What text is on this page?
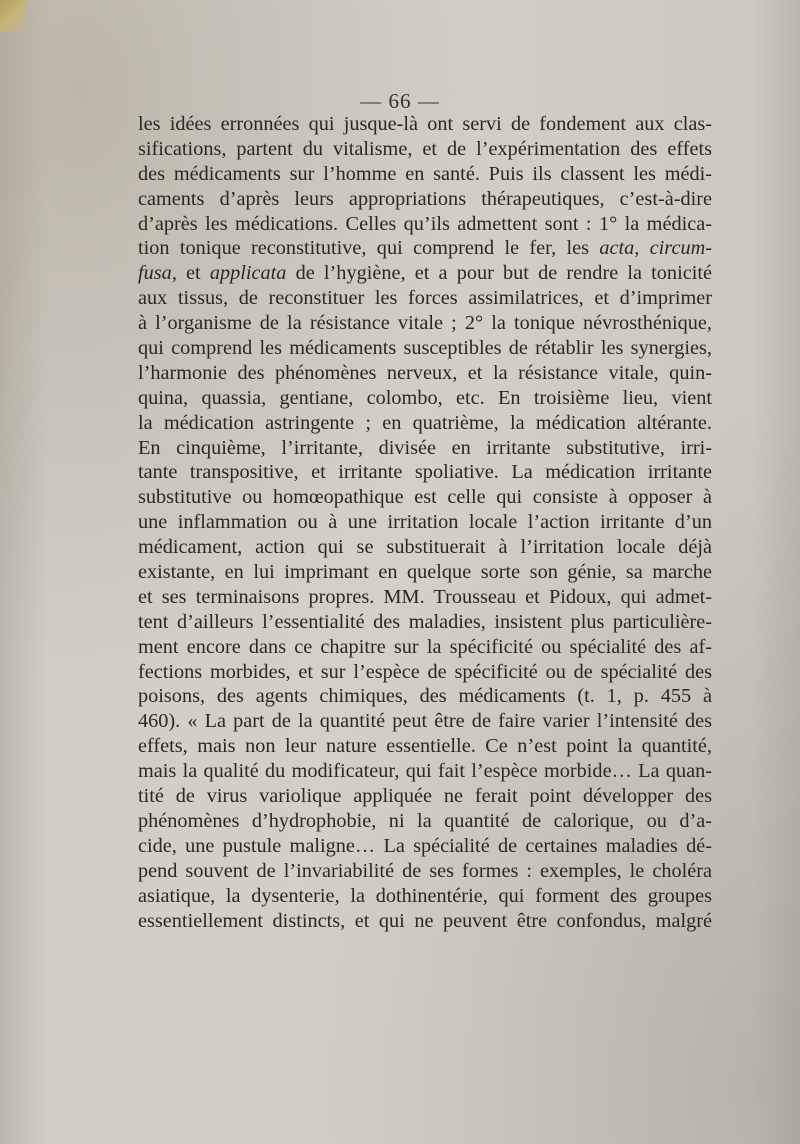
— 66 —
les idées erronnées qui jusque-là ont servi de fondement aux clas-
sifications, partent du vitalisme, et de l’expérimentation des effets
des médicaments sur l’homme en santé. Puis ils classent les médi-
caments d’après leurs appropriations thérapeutiques, c’est-à-dire
d’après les médications. Celles qu’ils admettent sont : 1° la médica-
tion tonique reconstitutive, qui comprend le fer, les acta, circum-
fusa, et applicata de l’hygiène, et a pour but de rendre la tonicité
aux tissus, de reconstituer les forces assimilatrices, et d’imprimer
à l’organisme de la résistance vitale ; 2° la tonique névrosthénique,
qui comprend les médicaments susceptibles de rétablir les synergies,
l’harmonie des phénomènes nerveux, et la résistance vitale, quin-
quina, quassia, gentiane, colombo, etc. En troisième lieu, vient
la médication astringente ; en quatrième, la médication altérante.
En cinquième, l’irritante, divisée en irritante substitutive, irri-
tante transpositive, et irritante spoliative. La médication irritante
substitutive ou homœopathique est celle qui consiste à opposer à
une inflammation ou à une irritation locale l’action irritante d’un
médicament, action qui se substituerait à l’irritation locale déjà
existante, en lui imprimant en quelque sorte son génie, sa marche
et ses terminaisons propres. MM. Trousseau et Pidoux, qui admet-
tent d’ailleurs l’essentialité des maladies, insistent plus particulière-
ment encore dans ce chapitre sur la spécificité ou spécialité des af-
fections morbides, et sur l’espèce de spécificité ou de spécialité des
poisons, des agents chimiques, des médicaments (t. 1, p. 455 à
460). « La part de la quantité peut être de faire varier l’intensité des
effets, mais non leur nature essentielle. Ce n’est point la quantité,
mais la qualité du modificateur, qui fait l’espèce morbide… La quan-
tité de virus variolique appliquée ne ferait point développer des
phénomènes d’hydrophobie, ni la quantité de calorique, ou d’a-
cide, une pustule maligne… La spécialité de certaines maladies dé-
pend souvent de l’invariabilité de ses formes : exemples, le choléra
asiatique, la dysenterie, la dothinentérie, qui forment des groupes
essentiellement distincts, et qui ne peuvent être confondus, malgré
